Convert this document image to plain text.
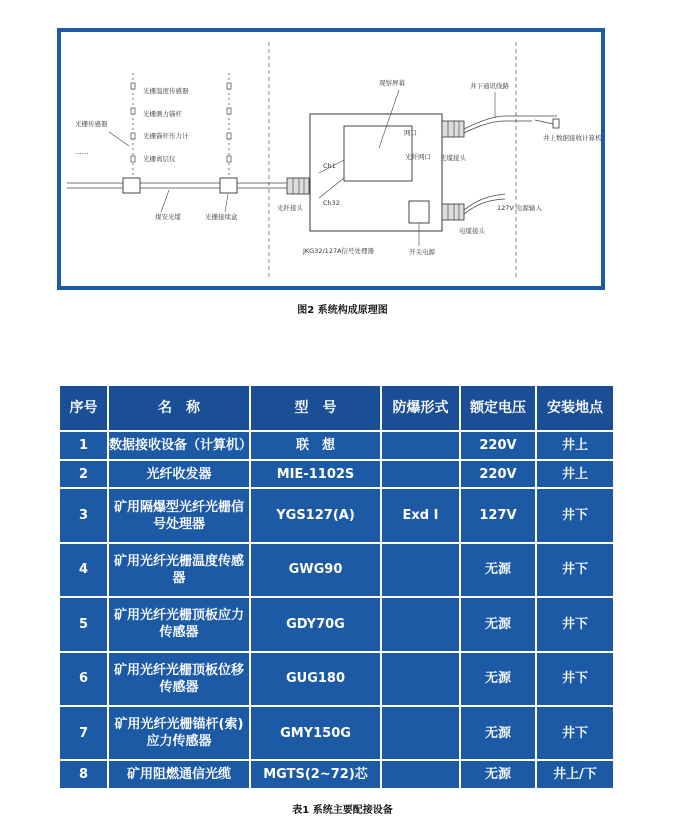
光栅温度传感器
光栅测力锚杆
光栅锚杆压力计
光栅离层仪
光栅传感器
......
煤安光缆	光栅接续盒
观察屏幕
网口
光纤网口
Ch1
Ch32
JKG32/127A信号处理器	开关电源
光纤接头
光缆接头
电缆接头
井下通讯线路
127V 电源输入
井上数据接收计算机
图2 系统构成原理图
序号	名　称	型　号	防爆形式	额定电压	安装地点
1	数据接收设备（计算机）	联　想		220V	井上
2	光纤收发器	MIE-1102S		220V	井上
3	矿用隔爆型光纤光栅信号处理器	YGS127(A)	Exd I	127V	井下
4	矿用光纤光栅温度传感器	GWG90		无源	井下
5	矿用光纤光栅顶板应力传感器	GDY70G		无源	井下
6	矿用光纤光栅顶板位移传感器	GUG180		无源	井下
7	矿用光纤光栅锚杆(索)应力传感器	GMY150G		无源	井下
8	矿用阻燃通信光缆	MGTS(2~72)芯		无源	井上/下
表1 系统主要配接设备
